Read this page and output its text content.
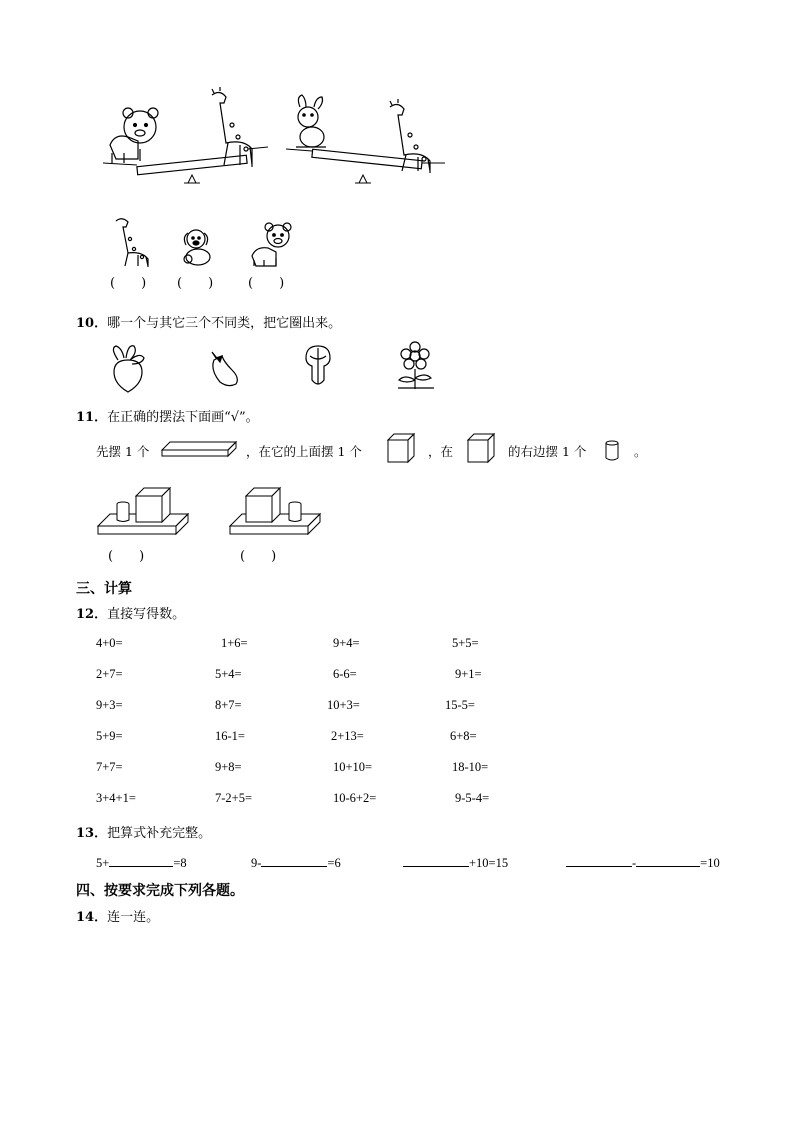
(　　) (　　)	(　　)
10．哪一个与其它三个不同类，把它圈出来。
11．在正确的摆法下面画“√”。
先摆 1 个	，在它的上面摆 1 个	，在	的右边摆 1 个	。
(　　)	(　　)
三、计算
12．直接写得数。
4+0=	1+6=	9+4=	5+5=
2+7=	5+4=	6-6=	9+1=
9+3=	8+7=	10+3=	15-5=
5+9=	16-1=	2+13=	6+8=
7+7=	9+8=	10+10=	18-10=
3+4+1=	7-2+5=	10-6+2=	9-5-4=
13．把算式补充完整。
5+	=8	9-	=6	+10=15	-	=10
四、按要求完成下列各题。
14．连一连。
